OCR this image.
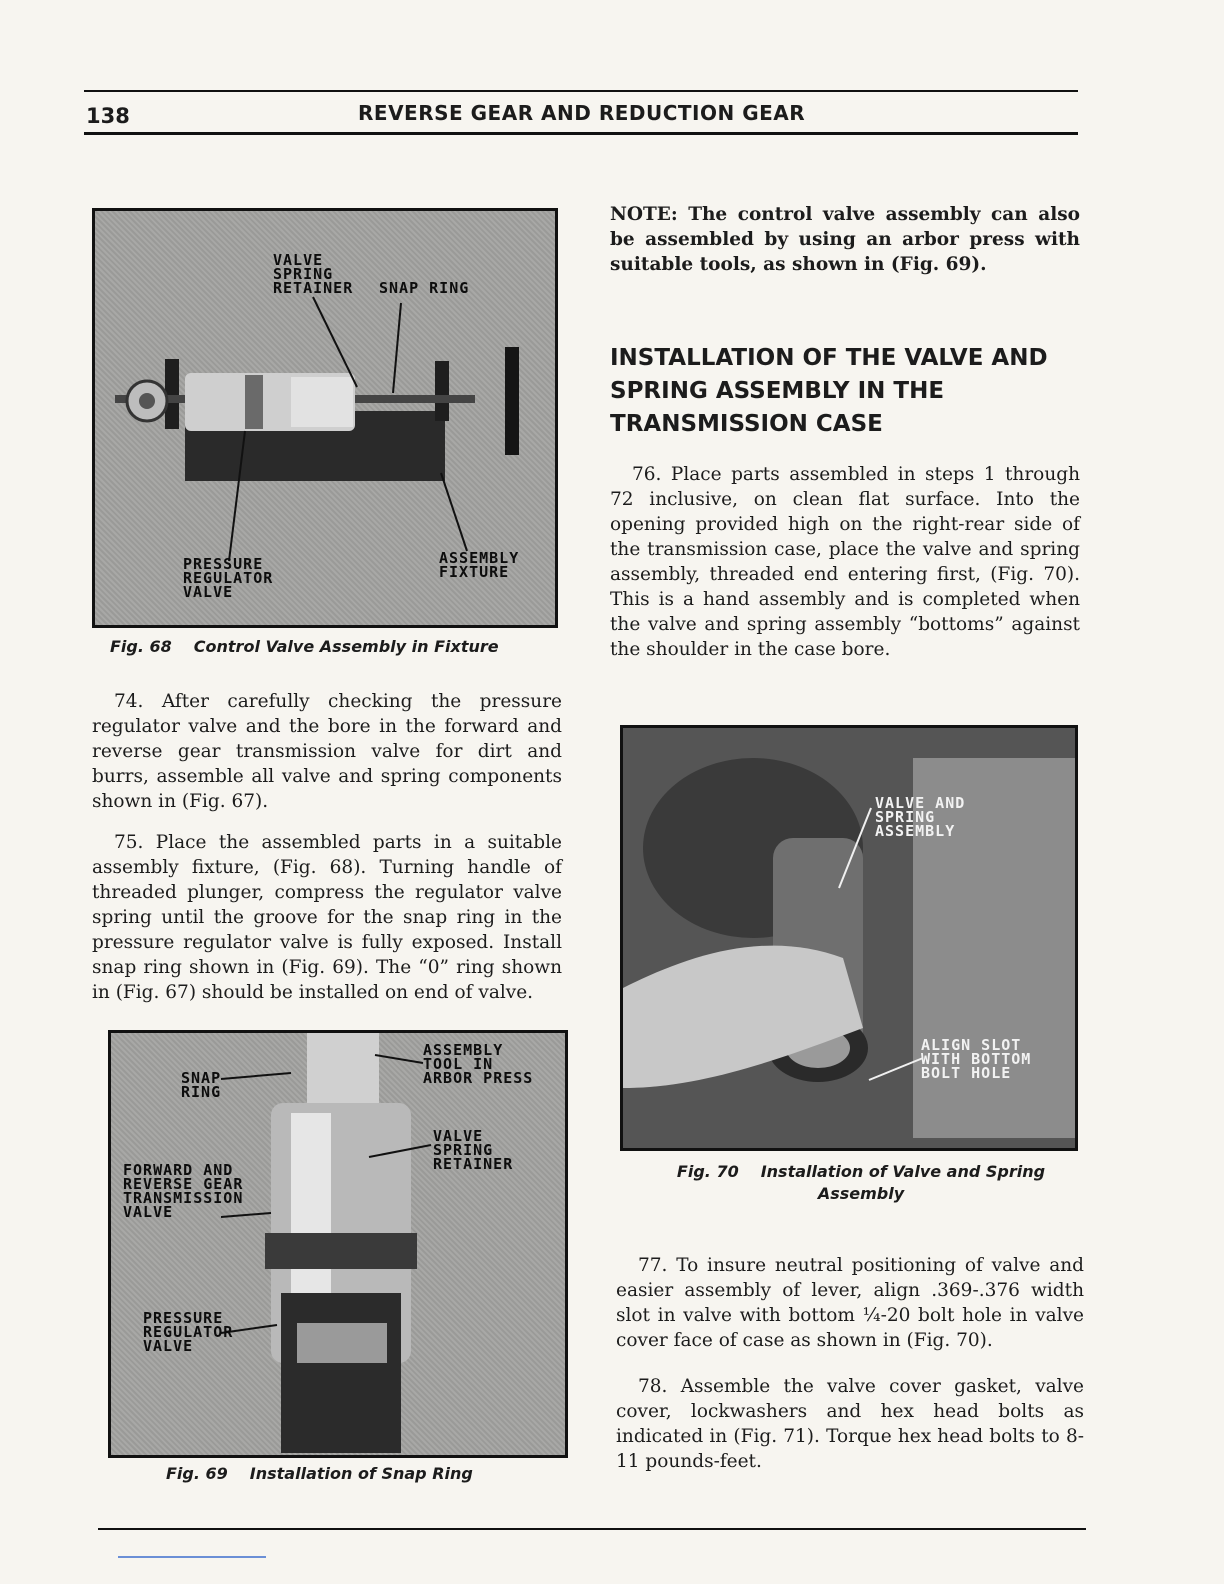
138	REVERSE GEAR AND REDUCTION GEAR
VALVE
SPRING
RETAINER SNAP RING
PRESSURE
REGULATOR
VALVE
ASSEMBLY
FIXTURE
Fig. 68 Control Valve Assembly in Fixture

74. After carefully checking the pressure regulator valve and the bore in the forward and reverse gear transmission valve for dirt and burrs, assemble all valve and spring components shown in (Fig. 67).

75. Place the assembled parts in a suitable assembly fixture, (Fig. 68). Turning handle of threaded plunger, compress the regulator valve spring until the groove for the snap ring in the pressure regulator valve is fully exposed. Install snap ring shown in (Fig. 69). The “0” ring shown in (Fig. 67) should be installed on end of valve.

ASSEMBLY
TOOL IN
ARBOR PRESS
SNAP
RING
VALVE
SPRING
RETAINER
FORWARD AND
REVERSE GEAR
TRANSMISSION
VALVE
PRESSURE
REGULATOR
VALVE
Fig. 69 Installation of Snap Ring

NOTE: The control valve assembly can also be assembled by using an arbor press with suitable tools, as shown in (Fig. 69).

INSTALLATION OF THE VALVE AND SPRING ASSEMBLY IN THE TRANSMISSION CASE

76. Place parts assembled in steps 1 through 72 inclusive, on clean flat surface. Into the opening provided high on the right-rear side of the transmission case, place the valve and spring assembly, threaded end entering first, (Fig. 70). This is a hand assembly and is completed when the valve and spring assembly “bottoms” against the shoulder in the case bore.

VALVE AND
SPRING
ASSEMBLY
ALIGN SLOT
WITH BOTTOM
BOLT HOLE
Fig. 70 Installation of Valve and Spring Assembly

77. To insure neutral positioning of valve and easier assembly of lever, align .369-.376 width slot in valve with bottom ¼-20 bolt hole in valve cover face of case as shown in (Fig. 70).

78. Assemble the valve cover gasket, valve cover, lockwashers and hex head bolts as indicated in (Fig. 71). Torque hex head bolts to 8-11 pounds-feet.
